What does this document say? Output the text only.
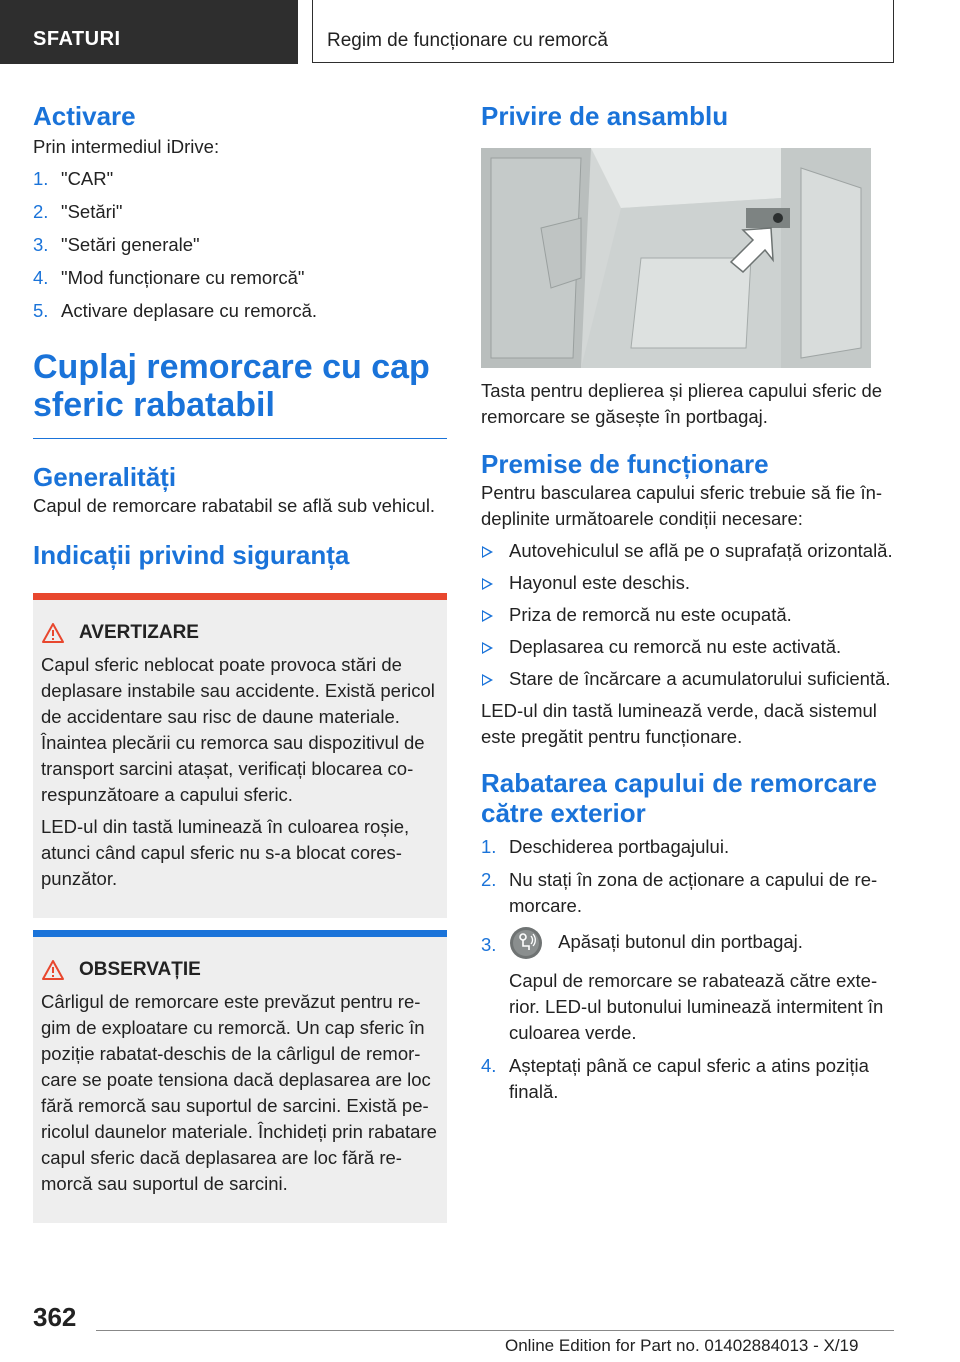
SFATURI	Regim de funcționare cu remorcă
Activare

Prin intermediul iDrive:

1. "CAR"
2. "Setări"
3. "Setări generale"
4. "Mod funcționare cu remorcă"
5. Activare deplasare cu remorcă.
Cuplaj remorcare cu cap sferic rabatabil
Generalități

Capul de remorcare rabatabil se află sub vehicul.

Indicații privind siguranța
AVERTIZARE

Capul sferic neblocat poate provoca stări de deplasare instabile sau accidente. Există pericol de accidentare sau risc de daune materiale. Înaintea plecării cu remorca sau dispozitivul de transport sarcini atașat, verificați blocarea corespunzătoare a capului sferic.

LED-ul din tastă luminează în culoarea roșie, atunci când capul sferic nu s-a blocat corespunzător.

OBSERVAȚIE

Cârligul de remorcare este prevăzut pentru regim de exploatare cu remorcă. Un cap sferic în poziție rabatat-deschis de la cârligul de remorcare se poate tensiona dacă deplasarea are loc fără remorcă sau suportul de sarcini. Există pericolul daunelor materiale. Închideți prin rabatare capul sferic dacă deplasarea are loc fără remorcă sau suportul de sarcini.

Privire de ansamblu

Tasta pentru deplierea și plierea capului sferic de remorcare se găsește în portbagaj.

Premise de funcționare

Pentru bascularea capului sferic trebuie să fie îndeplinite următoarele condiții necesare:

Autovehiculul se află pe o suprafață orizontală.
Hayonul este deschis.
Priza de remorcă nu este ocupată.
Deplasarea cu remorcă nu este activată.
Stare de încărcare a acumulatorului suficientă.

LED-ul din tastă luminează verde, dacă sistemul este pregătit pentru funcționare.

Rabatarea capului de remorcare către exterior
1. Deschiderea portbagajului.
2. Nu stați în zona de acționare a capului de remorcare.
3.	Apăsați butonul din portbagaj.
Capul de remorcare se rabatează către exterior. LED-ul butonului luminează intermitent în culoarea verde.
4. Așteptați până ce capul sferic a atins poziția finală.
362
Online Edition for Part no. 01402884013 - X/19
